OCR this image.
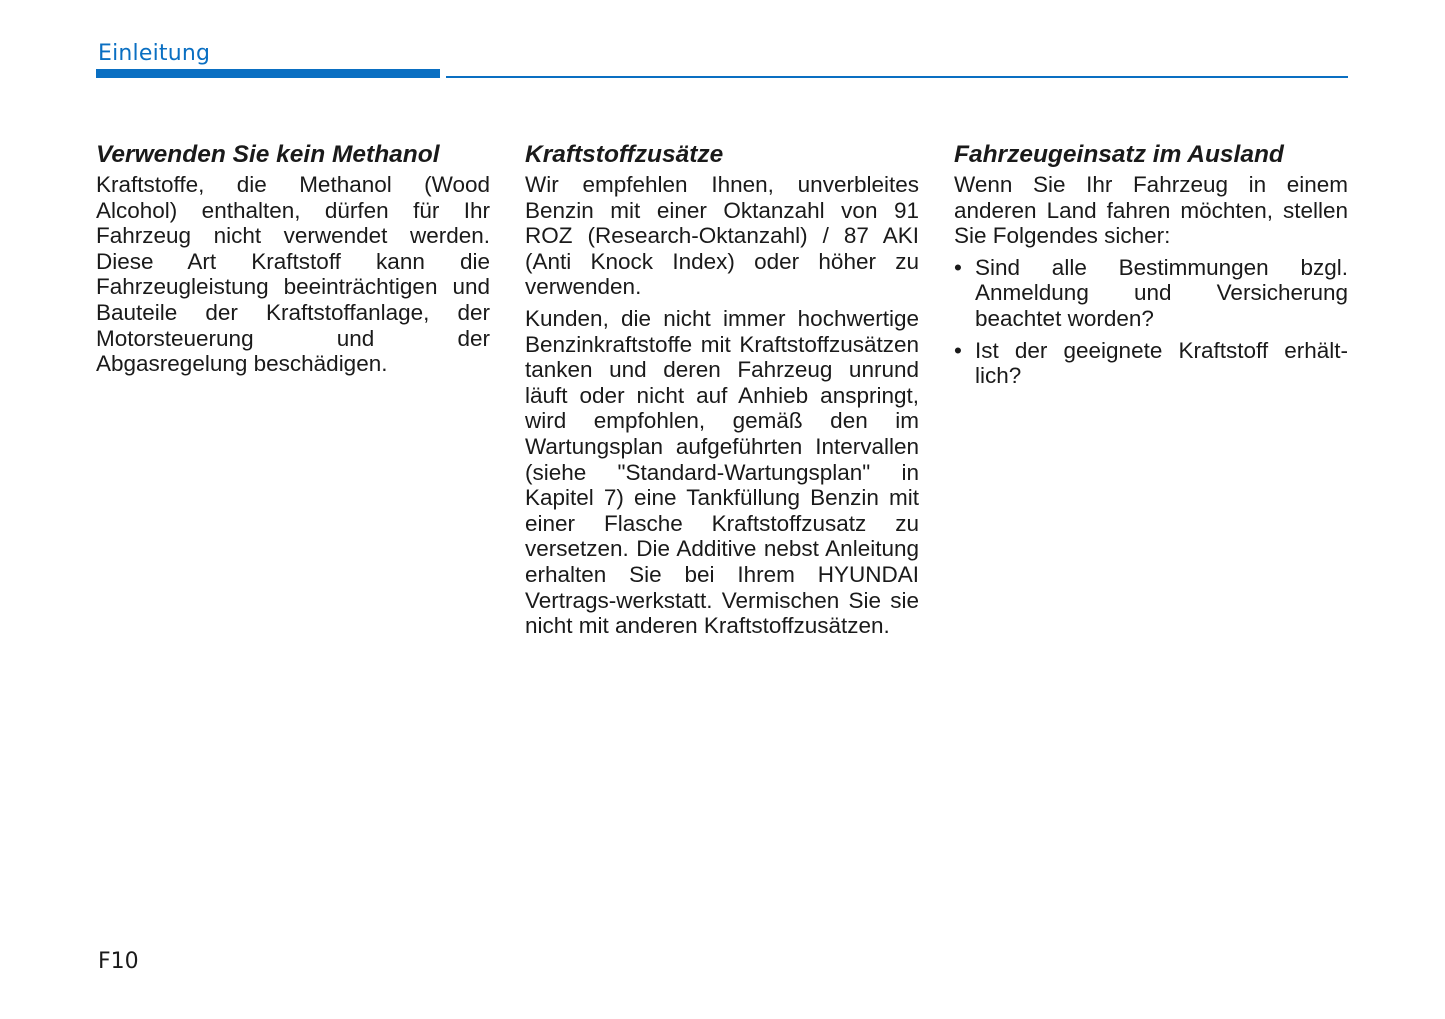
Einleitung
Verwenden Sie kein Methanol

Kraftstoffe, die Methanol (Wood Alcohol) enthalten, dürfen für Ihr Fahrzeug nicht verwendet werden. Diese Art Kraftstoff kann die Fahrzeugleistung beeinträchtigen und Bauteile der Kraftstoffanlage, der Motorsteuerung und der Abgasregelung beschädigen.

Kraftstoffzusätze

Wir empfehlen Ihnen, unverbleites Benzin mit einer Oktanzahl von 91 ROZ (Research-Oktanzahl) / 87 AKI (Anti Knock Index) oder höher zu verwenden.

Kunden, die nicht immer hochwertige Benzinkraftstoffe mit Kraftstoffzusätzen tanken und deren Fahrzeug unrund läuft oder nicht auf Anhieb anspringt, wird empfohlen, gemäß den im Wartungsplan aufgeführten Intervallen (siehe "Standard-Wartungsplan" in Kapitel 7) eine Tankfüllung Benzin mit einer Flasche Kraftstoffzusatz zu versetzen. Die Additive nebst Anleitung erhalten Sie bei Ihrem HYUNDAI Vertrags-werkstatt. Vermischen Sie sie nicht mit anderen Kraftstoffzusätzen.

Fahrzeugeinsatz im Ausland

Wenn Sie Ihr Fahrzeug in einem anderen Land fahren möchten, stellen Sie Folgendes sicher:

• Sind alle Bestimmungen bzgl. Anmeldung und Versicherung beachtet worden?
• Ist der geeignete Kraftstoff erhält-lich?
F10
